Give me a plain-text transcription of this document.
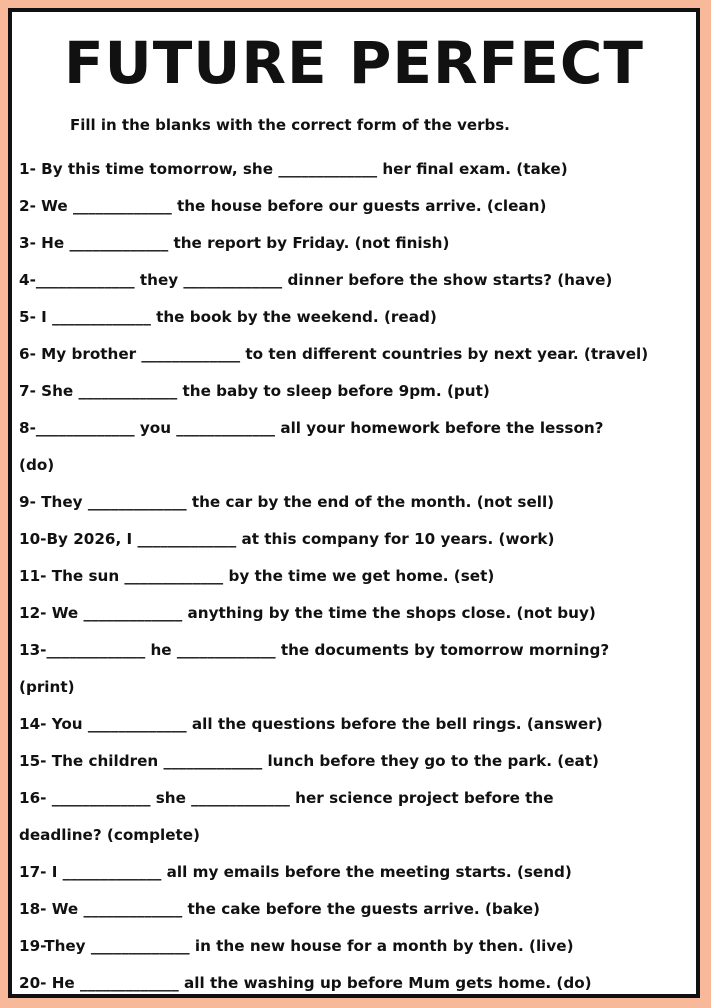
FUTURE PERFECT
Fill in the blanks with the correct form of the verbs.
1- By this time tomorrow, she _____________ her final exam. (take)
2- We _____________ the house before our guests arrive. (clean)
3- He _____________ the report by Friday. (not finish)
4-_____________ they _____________ dinner before the show starts? (have)
5- I _____________ the book by the weekend. (read)
6- My brother _____________ to ten different countries by next year. (travel)
7- She _____________ the baby to sleep before 9pm. (put)
8-_____________ you _____________ all your homework before the lesson?
(do)
9- They _____________ the car by the end of the month. (not sell)
10-By 2026, I _____________ at this company for 10 years. (work)
11- The sun _____________ by the time we get home. (set)
12- We _____________ anything by the time the shops close. (not buy)
13-_____________ he _____________ the documents by tomorrow morning?
(print)
14- You _____________ all the questions before the bell rings. (answer)
15- The children _____________ lunch before they go to the park. (eat)
16- _____________ she _____________ her science project before the
deadline? (complete)
17- I _____________ all my emails before the meeting starts. (send)
18- We _____________ the cake before the guests arrive. (bake)
19-They _____________ in the new house for a month by then. (live)
20- He _____________ all the washing up before Mum gets home. (do)
